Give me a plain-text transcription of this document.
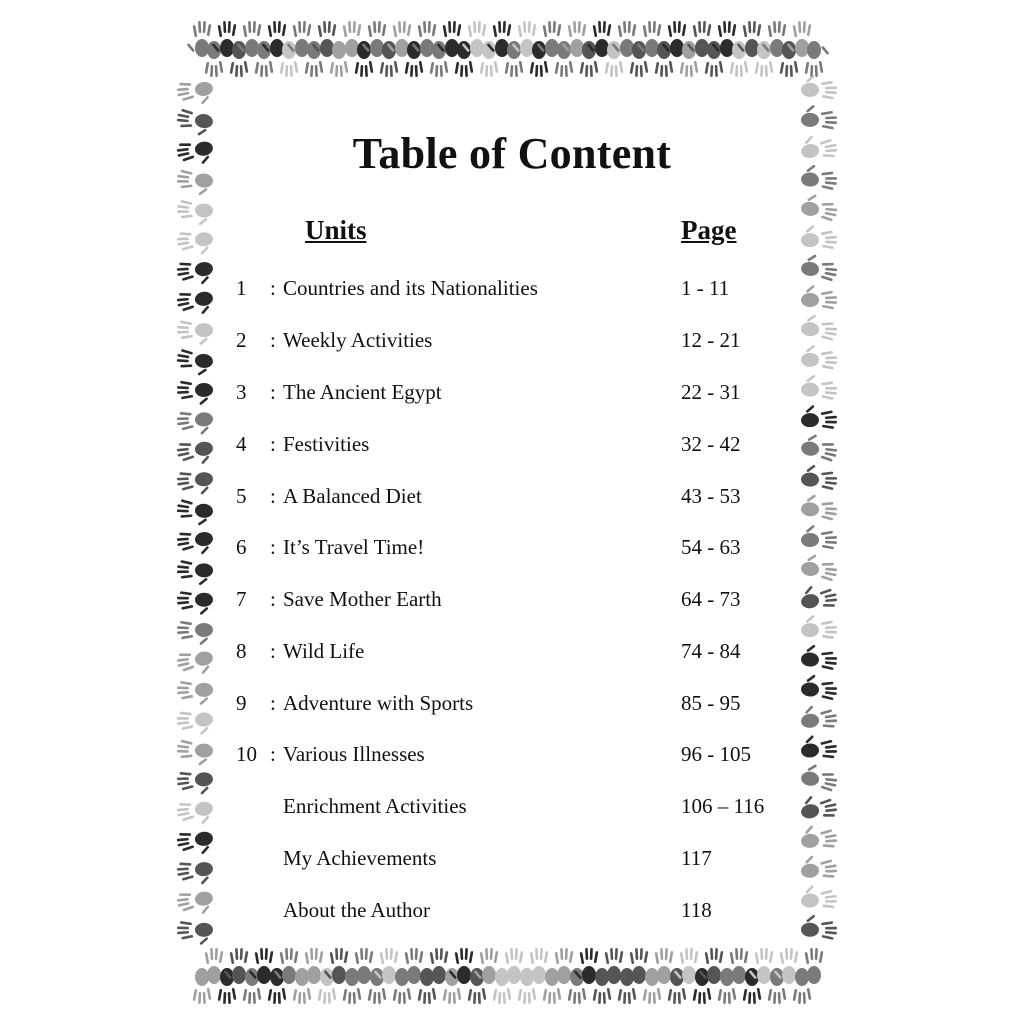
Table of Content
Units	Page
1 : Countries and its Nationalities	1 - 11
2 : Weekly Activities	12 - 21
3 : The Ancient Egypt	22 - 31
4 : Festivities	32 - 42
5 : A Balanced Diet	43 - 53
6 : It’s Travel Time!	54 - 63
7 : Save Mother Earth	64 - 73
8 : Wild Life	74 - 84
9 : Adventure with Sports	85 - 95
10 : Various Illnesses	96 - 105
Enrichment Activities	106 – 116
My Achievements	117
About the Author	118
